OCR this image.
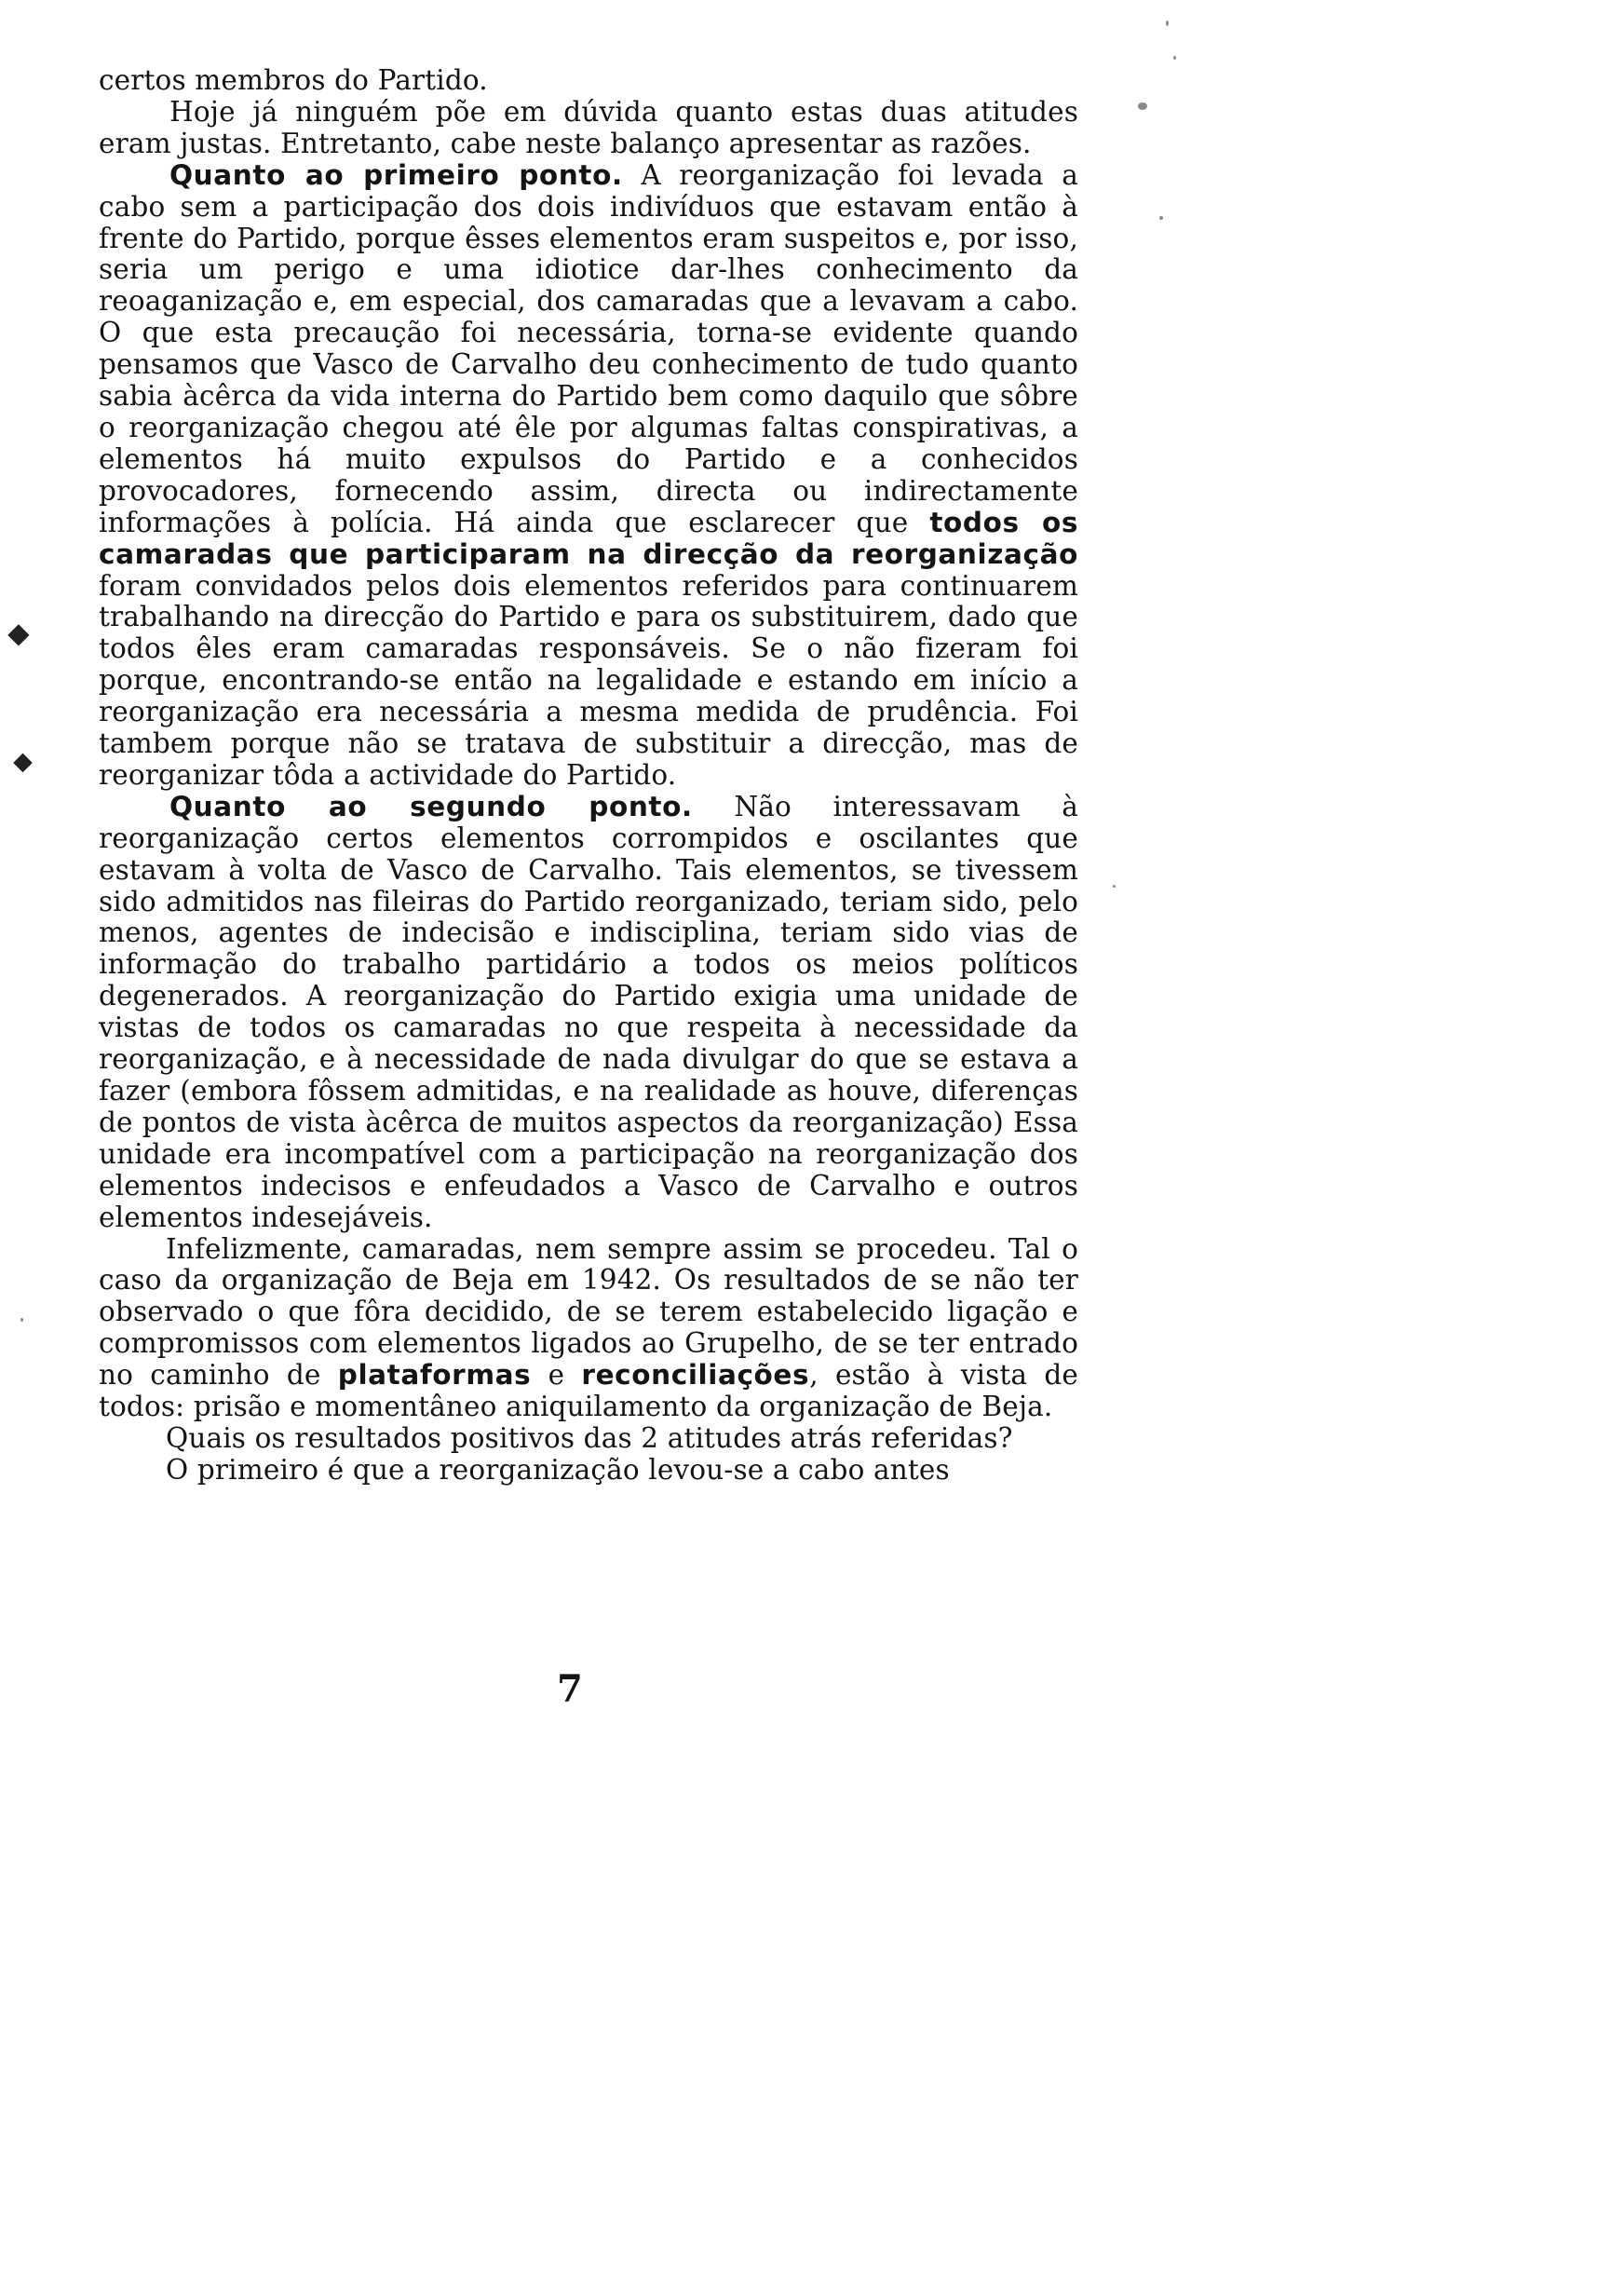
⬥
⬥

certos membros do Partido.

Hoje já ninguém põe em dúvida quanto estas duas atitudes eram justas. Entretanto, cabe neste balanço apresentar as razões.

Quanto ao primeiro ponto. A reorganização foi levada a cabo sem a participação dos dois indivíduos que estavam então à frente do Partido, porque êsses elementos eram suspeitos e, por isso, seria um perigo e uma idiotice dar-lhes conhecimento da reoaganização e, em especial, dos camaradas que a levavam a cabo. O que esta precaução foi necessária, torna-se evidente quando pensamos que Vasco de Carvalho deu conhecimento de tudo quanto sabia àcêrca da vida interna do Partido bem como daquilo que sôbre o reorganização chegou até êle por algumas faltas conspirativas, a elementos há muito expulsos do Partido e a conhecidos provocadores, fornecendo assim, directa ou indirectamente informações à polícia. Há ainda que esclarecer que todos os camaradas que participaram na direcção da reorganização foram convidados pelos dois elementos referidos para continuarem trabalhando na direcção do Partido e para os substituirem, dado que todos êles eram camaradas responsáveis. Se o não fizeram foi porque, encontrando-se então na legalidade e estando em início a reorganização era necessária a mesma medida de prudência. Foi tambem porque não se tratava de substituir a direcção, mas de reorganizar tôda a actividade do Partido.

Quanto ao segundo ponto. Não interessavam à reorganização certos elementos corrompidos e oscilantes que estavam à volta de Vasco de Carvalho. Tais elementos, se tivessem sido admitidos nas fileiras do Partido reorganizado, teriam sido, pelo menos, agentes de indecisão e indisciplina, teriam sido vias de informação do trabalho partidário a todos os meios políticos degenerados. A reorganização do Partido exigia uma unidade de vistas de todos os camaradas no que respeita à necessidade da reorganização, e à necessidade de nada divulgar do que se estava a fazer (embora fôssem admitidas, e na realidade as houve, diferenças de pontos de vista àcêrca de muitos aspectos da reorganização) Essa unidade era incompatível com a participação na reorganização dos elementos indecisos e enfeudados a Vasco de Carvalho e outros elementos indesejáveis.

Infelizmente, camaradas, nem sempre assim se procedeu. Tal o caso da organização de Beja em 1942. Os resultados de se não ter observado o que fôra decidido, de se terem estabelecido ligação e compromissos com elementos ligados ao Grupelho, de se ter entrado no caminho de plataformas e reconciliações, estão à vista de todos: prisão e momentâneo aniquilamento da organização de Beja.

Quais os resultados positivos das 2 atitudes atrás referidas?

O primeiro é que a reorganização levou-se a cabo antes

7
